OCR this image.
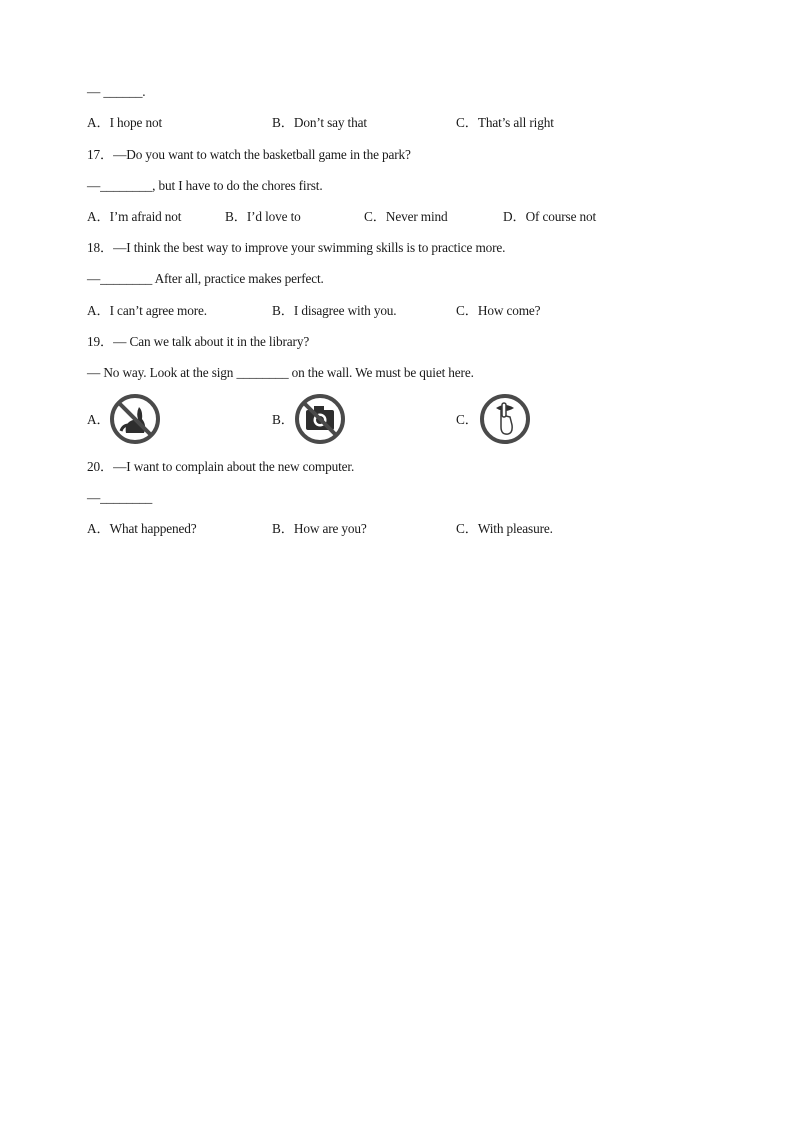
— ______.
A．I hope not	B．Don’t say that	C．That’s all right
17．—Do you want to watch the basketball game in the park?
—________, but I have to do the chores first.
A．I’m afraid not	B．I’d love to	C．Never mind	D．Of course not
18．—I think the best way to improve your swimming skills is to practice more.
—________ After all, practice makes perfect.
A．I can’t agree more.	B．I disagree with you.	C．How come?
19．— Can we talk about it in the library?
— No way. Look at the sign ________ on the wall. We must be quiet here.
A．	B．	C．
20．—I want to complain about the new computer.
—________
A．What happened?	B．How are you?	C．With pleasure.
